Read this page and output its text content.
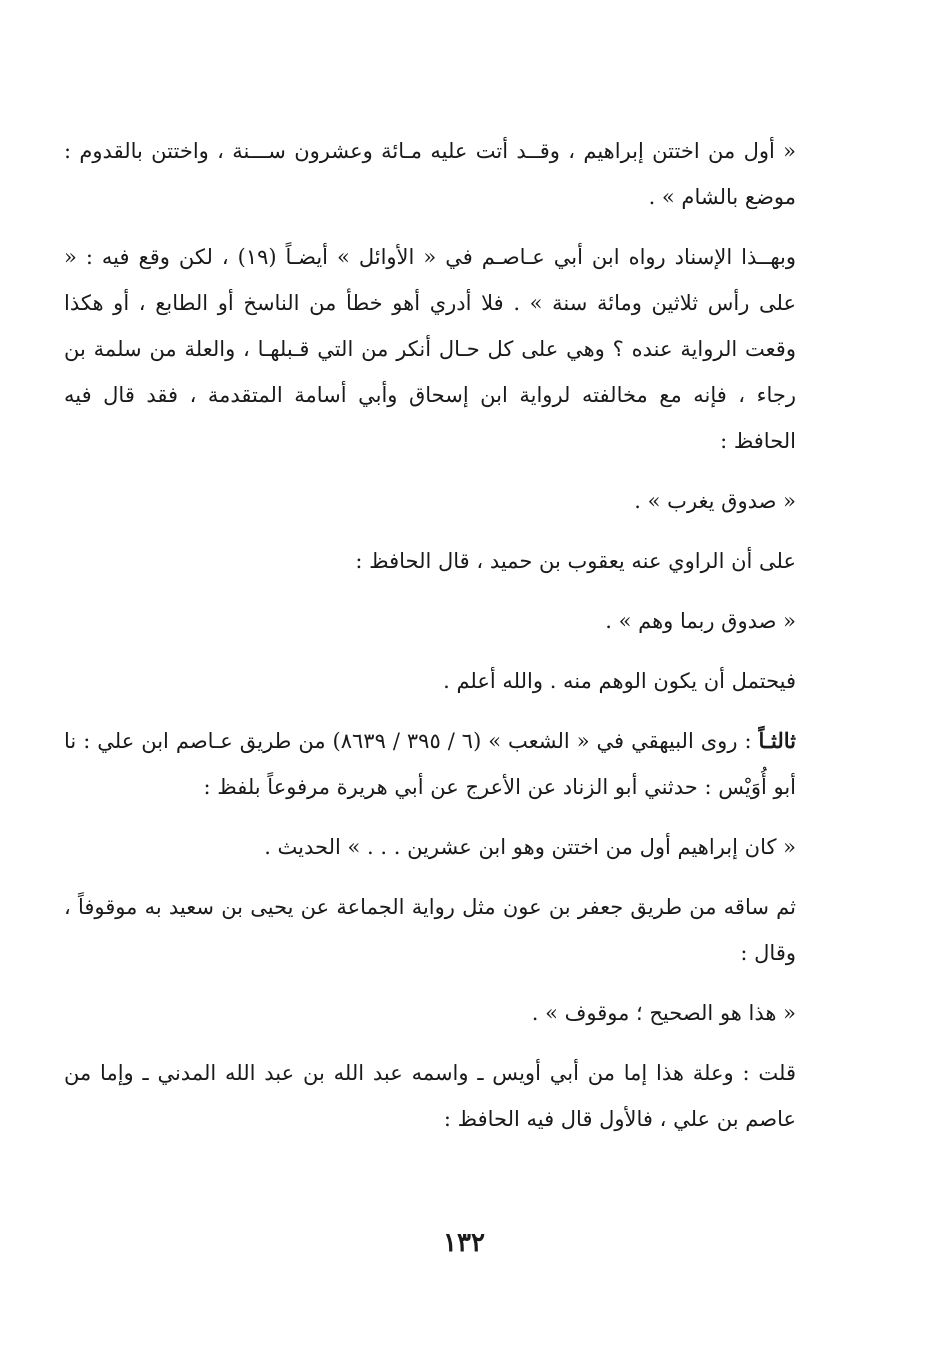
« أول من اختتن إبراهيم ، وقــد أتت عليه مـائة وعشرون ســـنة ، واختتن بالقدوم : موضع بالشام » .

وبهــذا الإسناد رواه ابن أبي عـاصـم في « الأوائل » أيضـاً (١٩) ، لكن وقع فيه : « على رأس ثلاثين ومائة سنة » . فلا أدري أهو خطأ من الناسخ أو الطابع ، أو هكذا وقعت الرواية عنده ؟ وهي على كل حـال أنكر من التي قـبلهـا ، والعلة من سلمة بن رجاء ، فإنه مع مخالفته لرواية ابن إسحاق وأبي أسامة المتقدمة ، فقد قال فيه الحافظ :

« صدوق يغرب » .

على أن الراوي عنه يعقوب بن حميد ، قال الحافظ :

« صدوق ربما وهم » .

فيحتمل أن يكون الوهم منه . والله أعلم .

ثالثـاً : روى البيهقي في « الشعب » (٦ / ٣٩٥ / ٨٦٣٩) من طريق عـاصم ابن علي : نا أبو أُوَيْس : حدثني أبو الزناد عن الأعرج عن أبي هريرة مرفوعاً بلفظ :

« كان إبراهيم أول من اختتن وهو ابن عشرين . . . » الحديث .

ثم ساقه من طريق جعفر بن عون مثل رواية الجماعة عن يحيى بن سعيد به موقوفاً ، وقال :

« هذا هو الصحيح ؛ موقوف » .

قلت : وعلة هذا إما من أبي أويس ـ واسمه عبد الله بن عبد الله المدني ـ وإما من عاصم بن علي ، فالأول قال فيه الحافظ :

١٣٢
